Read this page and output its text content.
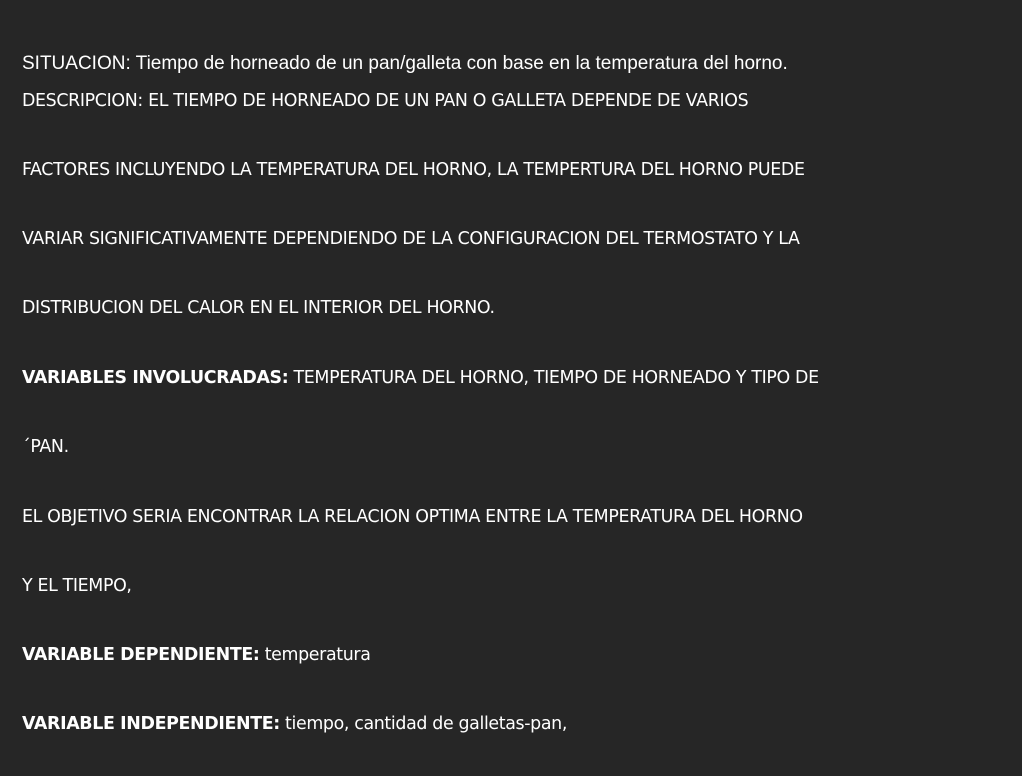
SITUACION: Tiempo de horneado de un pan/galleta con base en la temperatura del horno.
DESCRIPCION: EL TIEMPO DE HORNEADO DE UN PAN O GALLETA DEPENDE DE VARIOS
FACTORES INCLUYENDO LA TEMPERATURA DEL HORNO, LA TEMPERTURA DEL HORNO PUEDE
VARIAR SIGNIFICATIVAMENTE DEPENDIENDO DE LA CONFIGURACION DEL TERMOSTATO Y LA
DISTRIBUCION DEL CALOR EN EL INTERIOR DEL HORNO.
VARIABLES INVOLUCRADAS: TEMPERATURA DEL HORNO, TIEMPO DE HORNEADO Y TIPO DE
´PAN.
EL OBJETIVO SERIA ENCONTRAR LA RELACION OPTIMA ENTRE LA TEMPERATURA DEL HORNO
Y EL TIEMPO,
VARIABLE DEPENDIENTE: temperatura
VARIABLE INDEPENDIENTE: tiempo, cantidad de galletas-pan,
